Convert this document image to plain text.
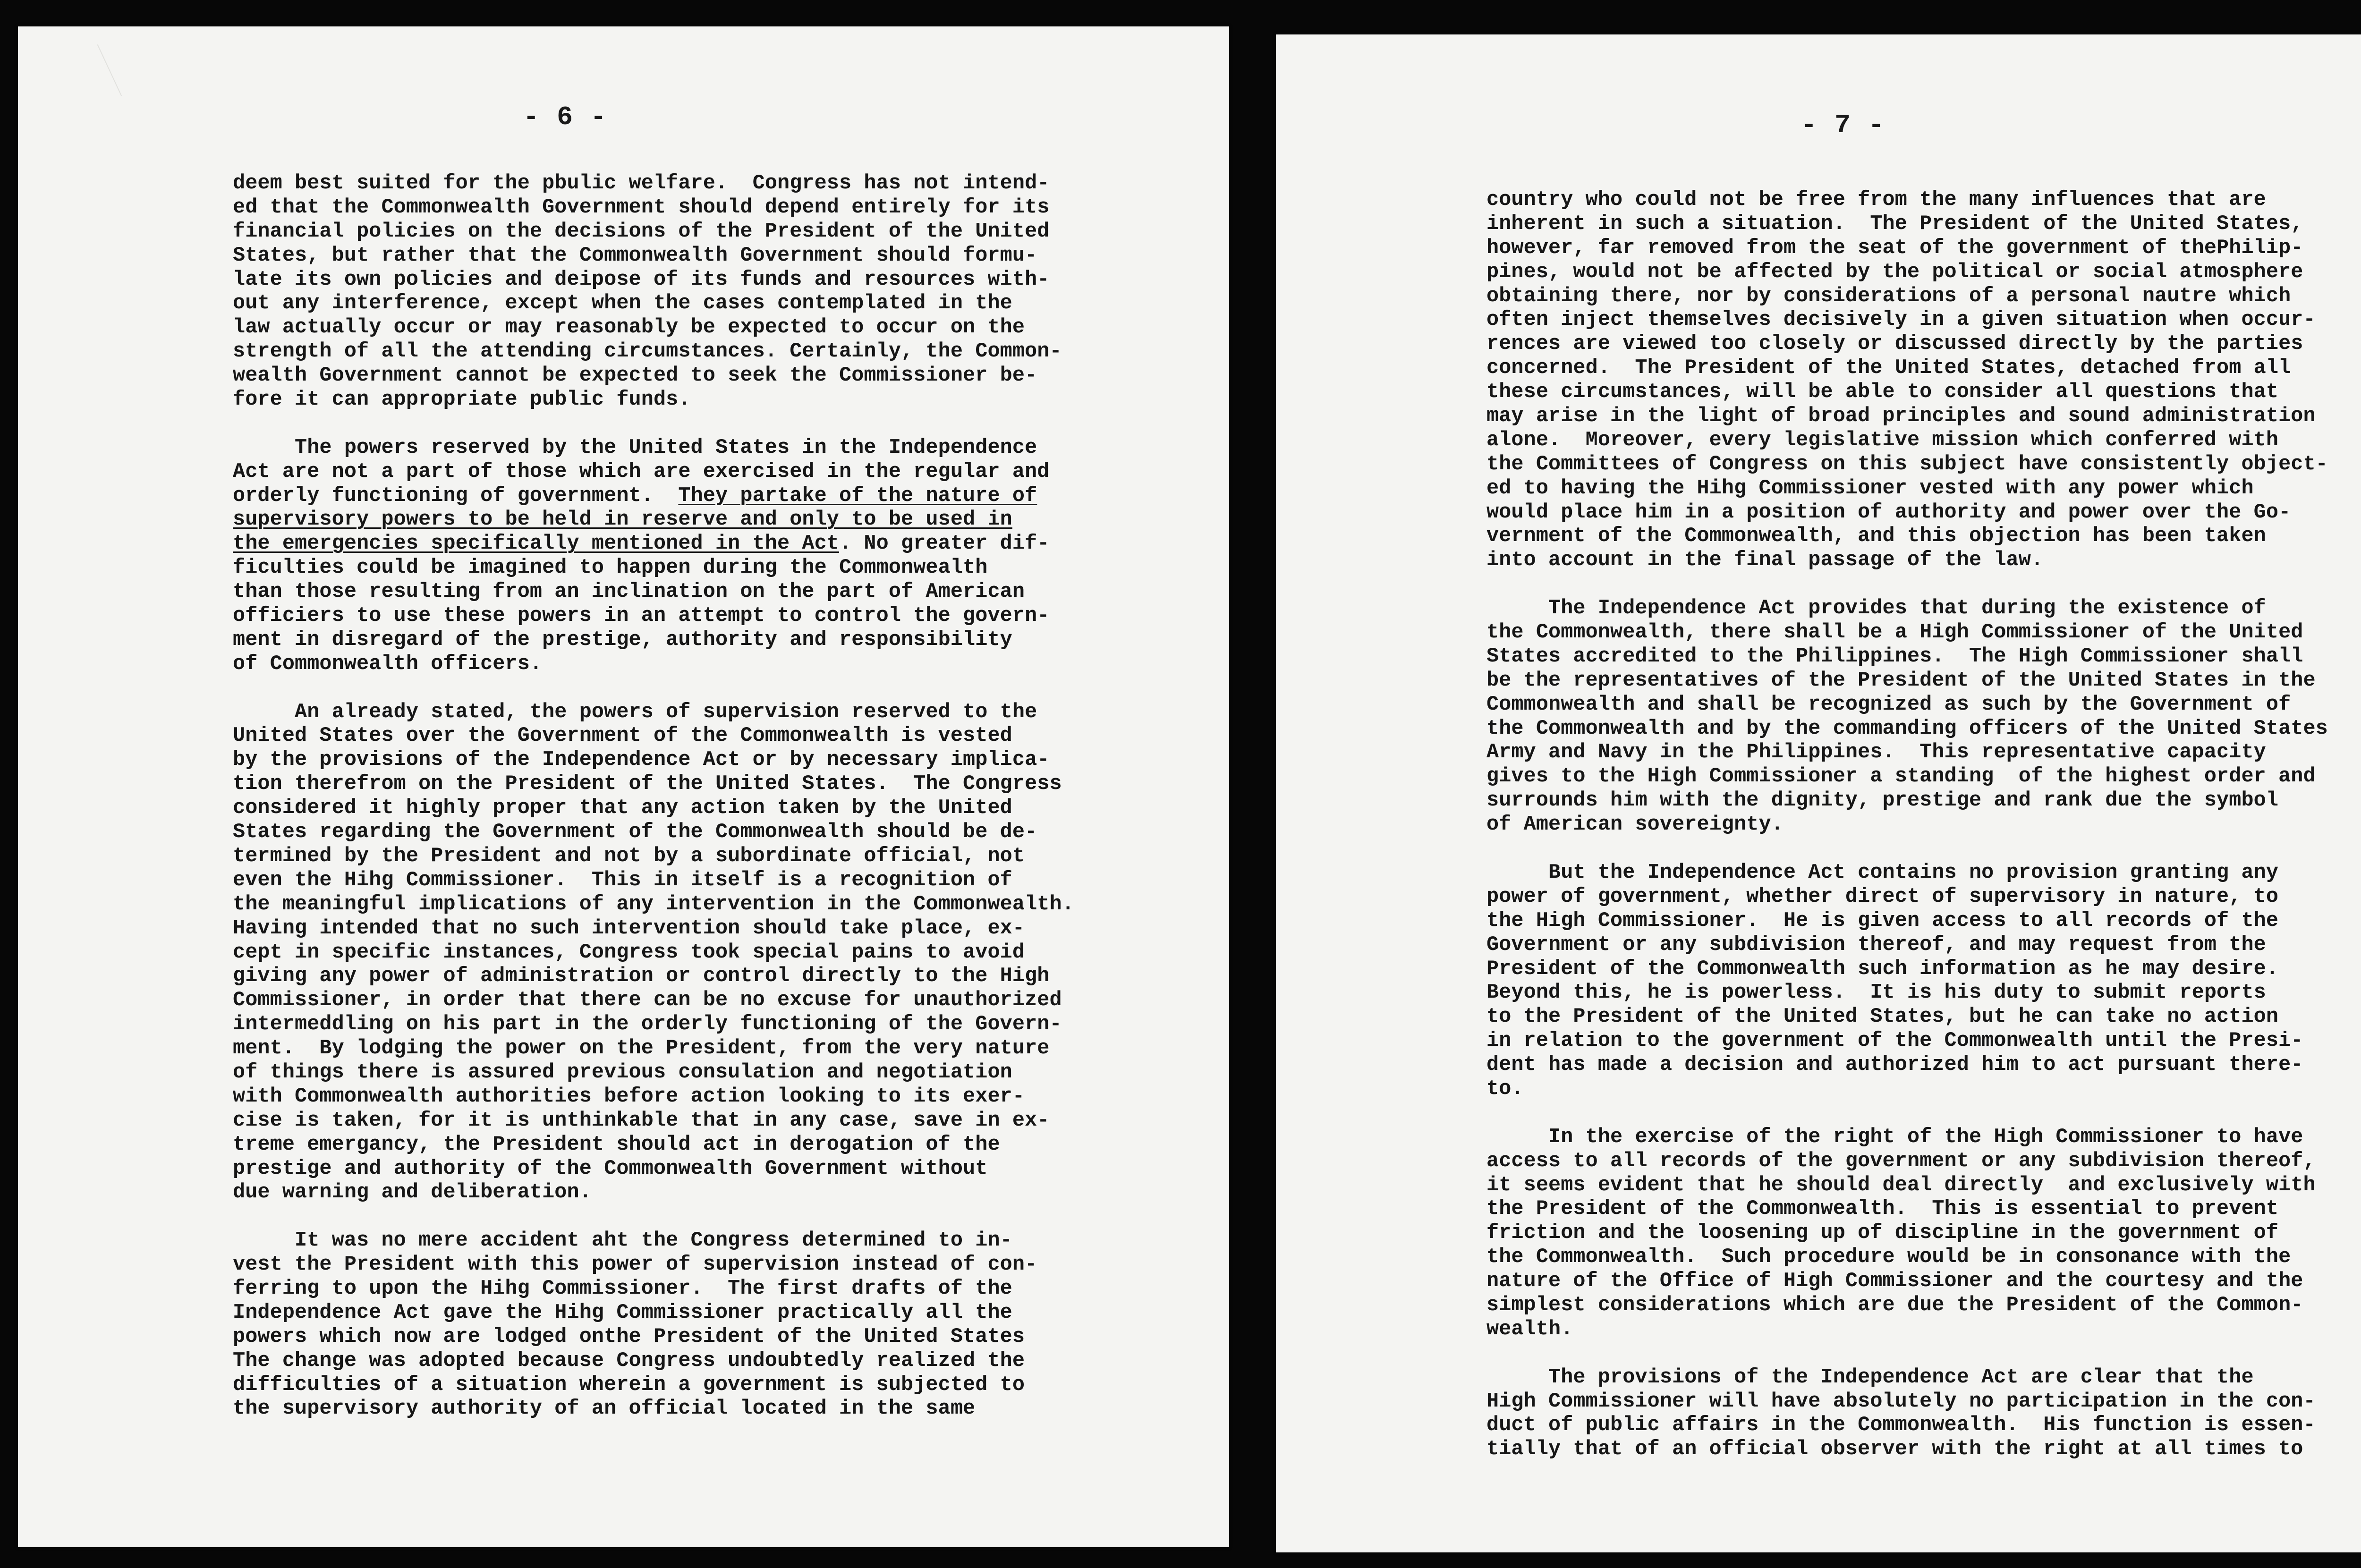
- 6 -
deem best suited for the pbulic welfare.  Congress has not intend-
ed that the Commonwealth Government should depend entirely for its
financial policies on the decisions of the President of the United
States, but rather that the Commonwealth Government should formu-
late its own policies and deipose of its funds and resources with-
out any interference, except when the cases contemplated in the
law actually occur or may reasonably be expected to occur on the
strength of all the attending circumstances. Certainly, the Common-
wealth Government cannot be expected to seek the Commissioner be-
fore it can appropriate public funds.
The powers reserved by the United States in the Independence
Act are not a part of those which are exercised in the regular and
orderly functioning of government.  They partake of the nature of
supervisory powers to be held in reserve and only to be used in
the emergencies specifically mentioned in the Act. No greater dif-
ficulties could be imagined to happen during the Commonwealth
than those resulting from an inclination on the part of American
officiers to use these powers in an attempt to control the govern-
ment in disregard of the prestige, authority and responsibility
of Commonwealth officers.
An already stated, the powers of supervision reserved to the
United States over the Government of the Commonwealth is vested
by the provisions of the Independence Act or by necessary implica-
tion therefrom on the President of the United States.  The Congress
considered it highly proper that any action taken by the United
States regarding the Government of the Commonwealth should be de-
termined by the President and not by a subordinate official, not
even the Hihg Commissioner.  This in itself is a recognition of
the meaningful implications of any intervention in the Commonwealth.
Having intended that no such intervention should take place, ex-
cept in specific instances, Congress took special pains to avoid
giving any power of administration or control directly to the High
Commissioner, in order that there can be no excuse for unauthorized
intermeddling on his part in the orderly functioning of the Govern-
ment.  By lodging the power on the President, from the very nature
of things there is assured previous consulation and negotiation
with Commonwealth authorities before action looking to its exer-
cise is taken, for it is unthinkable that in any case, save in ex-
treme emergancy, the President should act in derogation of the
prestige and authority of the Commonwealth Government without
due warning and deliberation.
It was no mere accident aht the Congress determined to in-
vest the President with this power of supervision instead of con-
ferring to upon the Hihg Commissioner.  The first drafts of the
Independence Act gave the Hihg Commissioner practically all the
powers which now are lodged onthe President of the United States
The change was adopted because Congress undoubtedly realized the
difficulties of a situation wherein a government is subjected to
the supervisory authority of an official located in the same
- 7 -
country who could not be free from the many influences that are
inherent in such a situation.  The President of the United States,
however, far removed from the seat of the government of thePhilip-
pines, would not be affected by the political or social atmosphere
obtaining there, nor by considerations of a personal nautre which
often inject themselves decisively in a given situation when occur-
rences are viewed too closely or discussed directly by the parties
concerned.  The President of the United States, detached from all
these circumstances, will be able to consider all questions that
may arise in the light of broad principles and sound administration
alone.  Moreover, every legislative mission which conferred with
the Committees of Congress on this subject have consistently object-
ed to having the Hihg Commissioner vested with any power which
would place him in a position of authority and power over the Go-
vernment of the Commonwealth, and this objection has been taken
into account in the final passage of the law.
The Independence Act provides that during the existence of
the Commonwealth, there shall be a High Commissioner of the United
States accredited to the Philippines.  The High Commissioner shall
be the representatives of the President of the United States in the
Commonwealth and shall be recognized as such by the Government of
the Commonwealth and by the commanding officers of the United States
Army and Navy in the Philippines.  This representative capacity
gives to the High Commissioner a standing  of the highest order and
surrounds him with the dignity, prestige and rank due the symbol
of American sovereignty.
But the Independence Act contains no provision granting any
power of government, whether direct of supervisory in nature, to
the High Commissioner.  He is given access to all records of the
Government or any subdivision thereof, and may request from the
President of the Commonwealth such information as he may desire.
Beyond this, he is powerless.  It is his duty to submit reports
to the President of the United States, but he can take no action
in relation to the government of the Commonwealth until the Presi-
dent has made a decision and authorized him to act pursuant there-
to.
In the exercise of the right of the High Commissioner to have
access to all records of the government or any subdivision thereof,
it seems evident that he should deal directly  and exclusively with
the President of the Commonwealth.  This is essential to prevent
friction and the loosening up of discipline in the government of
the Commonwealth.  Such procedure would be in consonance with the
nature of the Office of High Commissioner and the courtesy and the
simplest considerations which are due the President of the Common-
wealth.
The provisions of the Independence Act are clear that the
High Commissioner will have absolutely no participation in the con-
duct of public affairs in the Commonwealth.  His function is essen-
tially that of an official observer with the right at all times to
